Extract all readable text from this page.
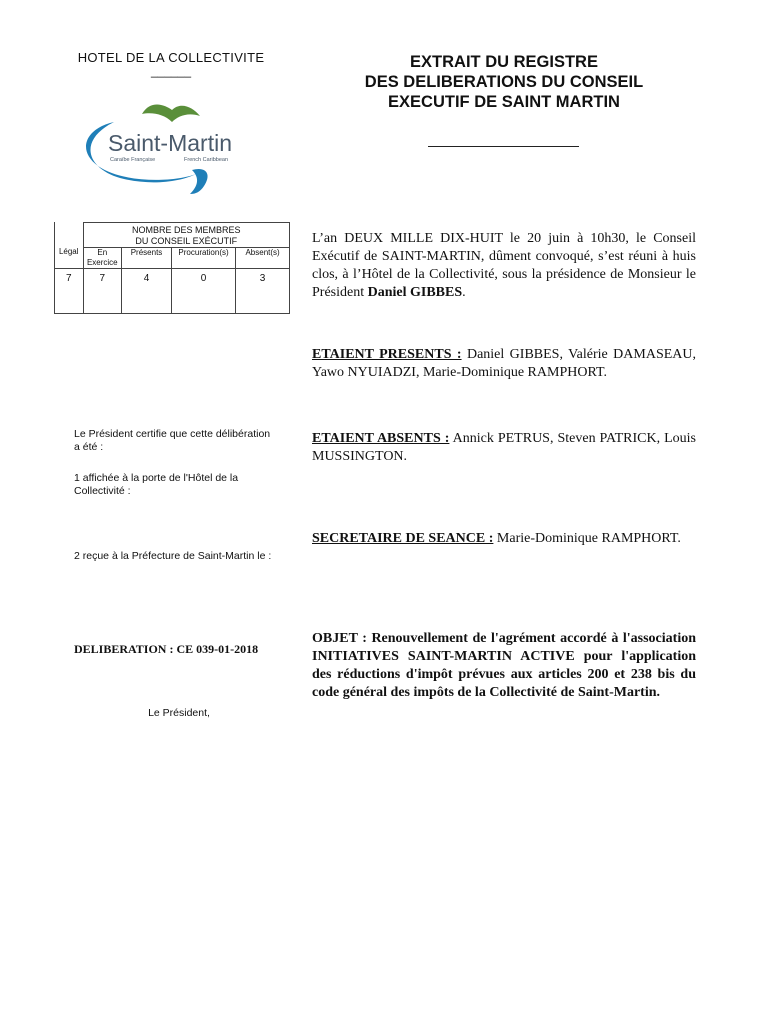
HOTEL DE LA COLLECTIVITE
______	EXTRAIT DU REGISTRE
DES DELIBERATIONS DU CONSEIL
EXECUTIF DE SAINT MARTIN
Saint-Martin
Caraïbe Française	French Caribbean
Légal	NOMBRE DES MEMBRES
DU CONSEIL EXÉCUTIF			

	En Exercice	Présents	Procuration(s)	Absent(s)
7	7	4	0	3
Le Président certifie que cette délibération a été :
1 affichée à la porte de l'Hôtel de la Collectivité :
2 reçue à la Préfecture de Saint-Martin le :
DELIBERATION : CE 039-01-2018
Le Président,
L’an DEUX MILLE DIX-HUIT le 20 juin à 10h30, le Conseil Exécutif de SAINT-MARTIN, dûment convoqué, s’est réuni à huis clos, à l’Hôtel de la Collectivité, sous la présidence de Monsieur le Président Daniel GIBBES.
ETAIENT PRESENTS : Daniel GIBBES, Valérie DAMASEAU, Yawo NYUIADZI, Marie-Dominique RAMPHORT.
ETAIENT ABSENTS : Annick PETRUS, Steven PATRICK, Louis MUSSINGTON.
SECRETAIRE DE SEANCE : Marie-Dominique RAMPHORT.
OBJET : Renouvellement de l'agrément accordé à l'association INITIATIVES SAINT-MARTIN ACTIVE pour l'application des réductions d'impôt prévues aux articles 200 et 238 bis du code général des impôts de la Collectivité de Saint-Martin.
